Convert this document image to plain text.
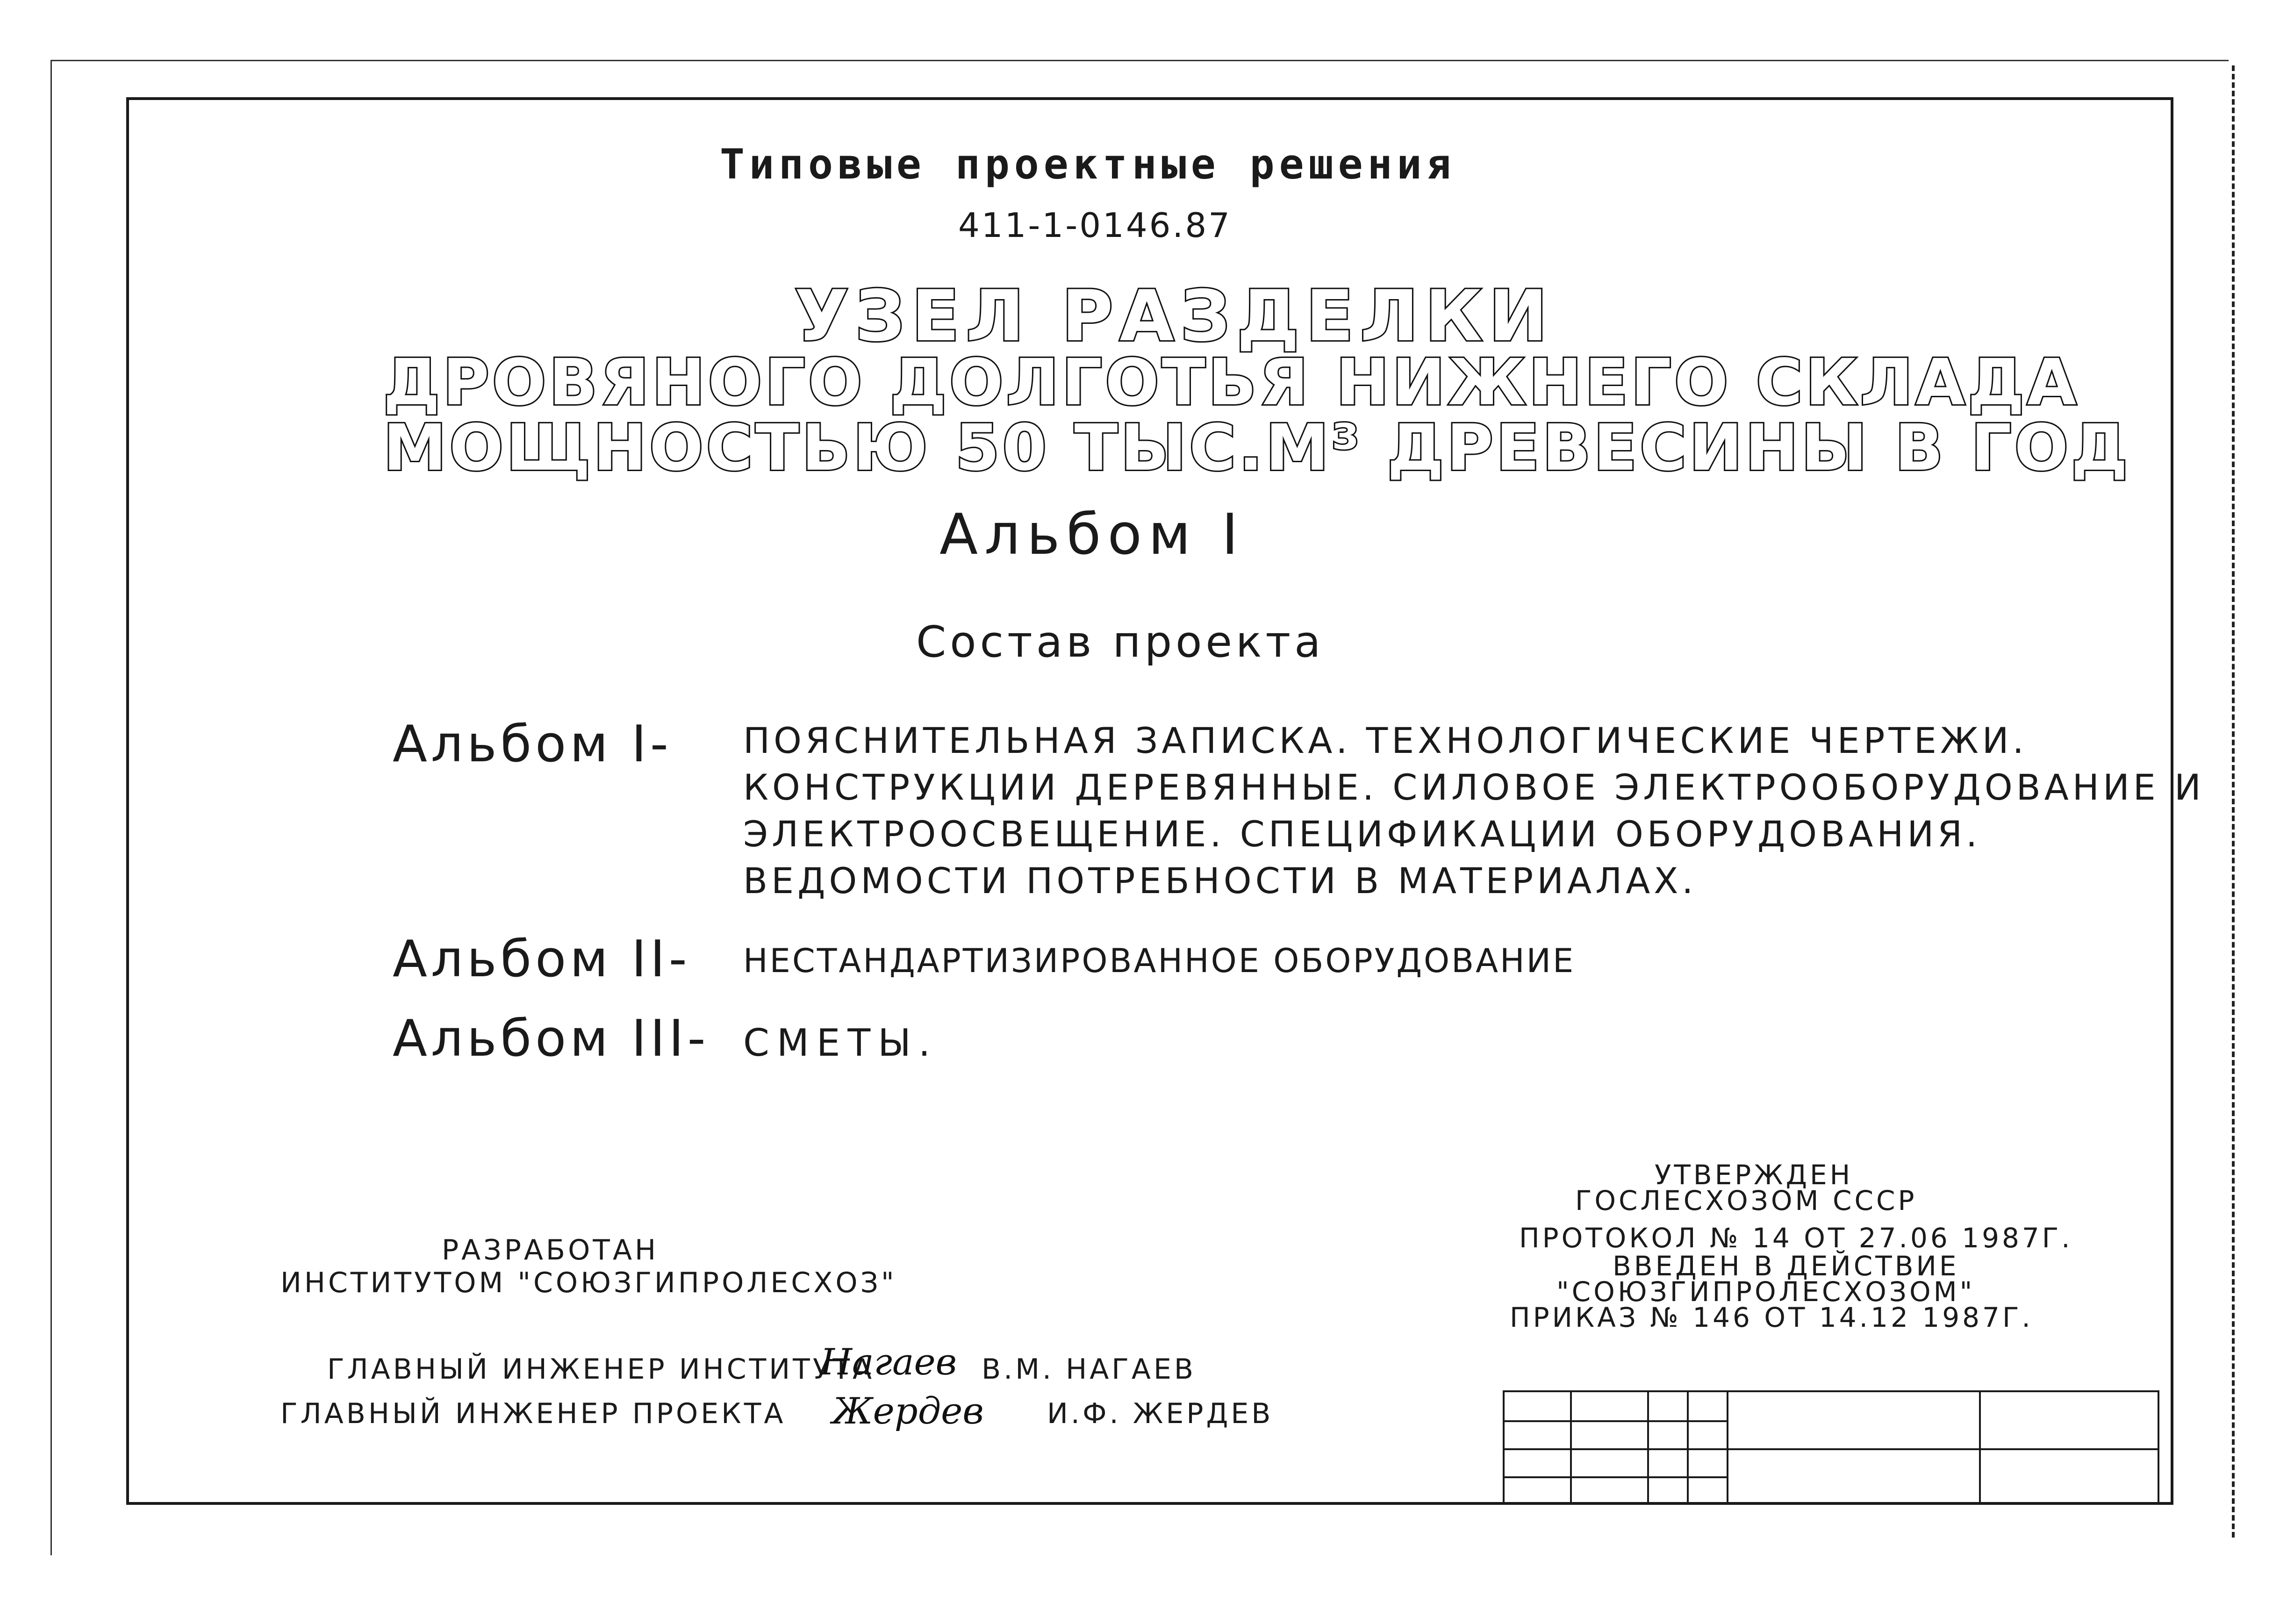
Типовые проектные решения

411-1-0146.87

УЗЕЛ РАЗДЕЛКИ

ДРОВЯНОГО ДОЛГОТЬЯ НИЖНЕГО СКЛАДА

МОЩНОСТЬЮ 50 ТЫС.М³ ДРЕВЕСИНЫ В ГОД

Альбом I

Состав проекта

Альбом I- ПОЯСНИТЕЛЬНАЯ ЗАПИСКА. ТЕХНОЛОГИЧЕСКИЕ ЧЕРТЕЖИ.

КОНСТРУКЦИИ ДЕРЕВЯННЫЕ. СИЛОВОЕ ЭЛЕКТРООБОРУДОВАНИЕ И

ЭЛЕКТРООСВЕЩЕНИЕ. СПЕЦИФИКАЦИИ ОБОРУДОВАНИЯ.

ВЕДОМОСТИ ПОТРЕБНОСТИ В МАТЕРИАЛАХ.

Альбом II- НЕСТАНДАРТИЗИРОВАННОЕ ОБОРУДОВАНИЕ

Альбом III- СМЕТЫ.

РАЗРАБОТАН

ИНСТИТУТОМ "СОЮЗГИПРОЛЕСХОЗ"

ГЛАВНЫЙ ИНЖЕНЕР ИНСТИТУТА

Нагаев В.М. НАГАЕВ

ГЛАВНЫЙ ИНЖЕНЕР ПРОЕКТА Жердев И.Ф. ЖЕРДЕВ

УТВЕРЖДЕН

ГОСЛЕСХОЗОМ СССР

ПРОТОКОЛ № 14 ОТ 27.06 1987Г.

ВВЕДЕН В ДЕЙСТВИЕ

"СОЮЗГИПРОЛЕСХОЗОМ"

ПРИКАЗ № 146 ОТ 14.12 1987Г.
